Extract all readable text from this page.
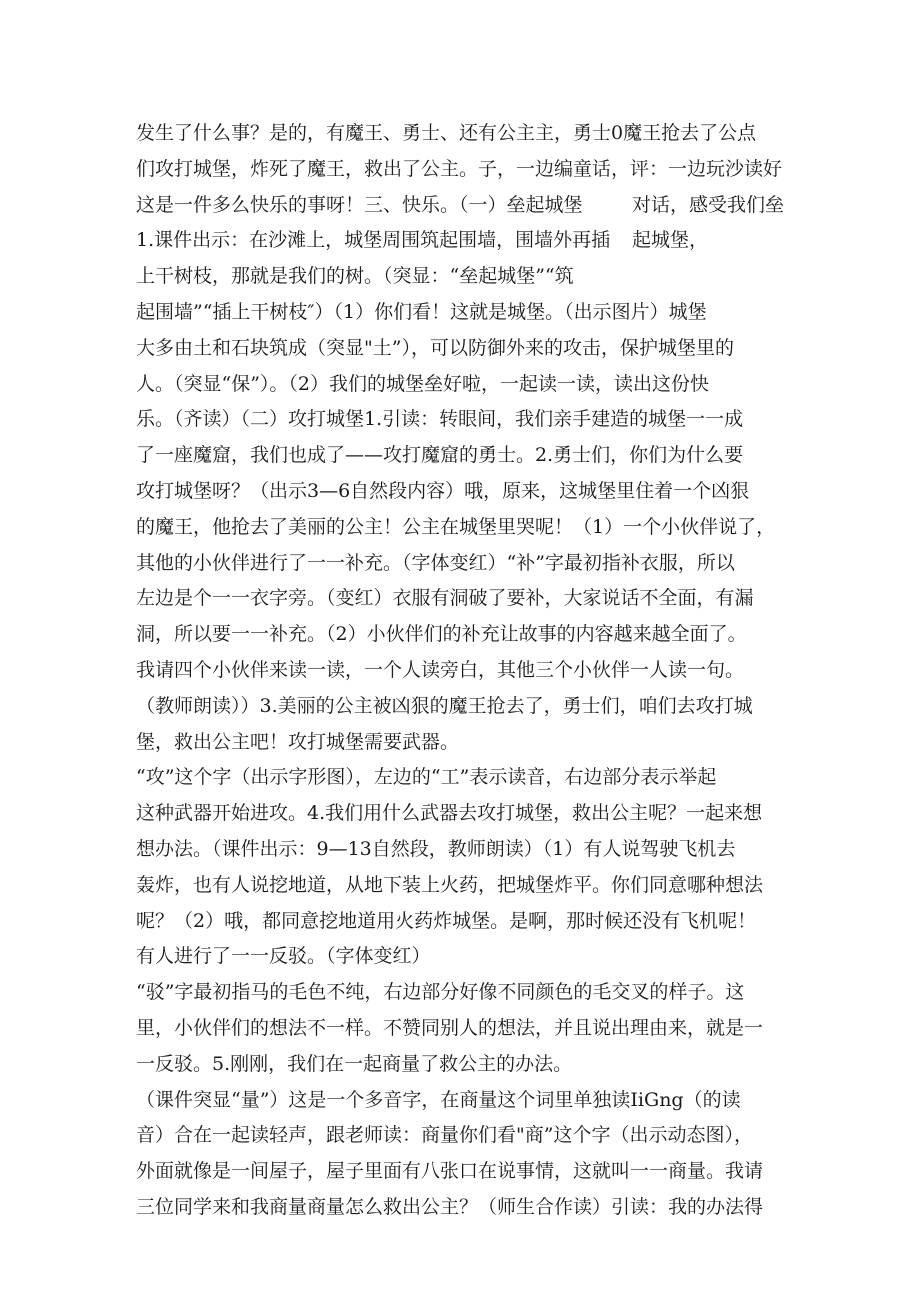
发生了什么事？是的，有魔王、勇士、还有公主主，勇士0魔王抢去了公点
们攻打城堡，炸死了魔王，救出了公主。子，一边编童话，评：一边玩沙读好
这是一件多么快乐的事呀！三、快乐。（一）垒起城堡	对话，感受我们垒
1.课件出示：在沙滩上，城堡周围筑起围墙，围墙外再插	起城堡，
上干树枝，那就是我们的树。（突显：“垒起城堡”“筑
起围墙”“插上干树枝″）（1）你们看！这就是城堡。（出示图片）城堡
大多由土和石块筑成（突显"土”），可以防御外来的攻击，保护城堡里的
人。（突显“保”）。（2）我们的城堡垒好啦，一起读一读，读出这份快
乐。（齐读）（二）攻打城堡1.引读：转眼间，我们亲手建造的城堡一一成
了一座魔窟，我们也成了——攻打魔窟的勇士。2.勇士们，你们为什么要
攻打城堡呀？（出示3—6自然段内容）哦，原来，这城堡里住着一个凶狠
的魔王，他抢去了美丽的公主！公主在城堡里哭呢！（1）一个小伙伴说了，
其他的小伙伴进行了一一补充。（字体变红）“补”字最初指补衣服，所以
左边是个一一衣字旁。（变红）衣服有洞破了要补，大家说话不全面，有漏
洞，所以要一一补充。（2）小伙伴们的补充让故事的内容越来越全面了。
我请四个小伙伴来读一读，一个人读旁白，其他三个小伙伴一人读一句。
（教师朗读））3.美丽的公主被凶狠的魔王抢去了，勇士们，咱们去攻打城
堡，救出公主吧！攻打城堡需要武器。
“攻”这个字（出示字形图），左边的“工”表示读音，右边部分表示举起
这种武器开始进攻。4.我们用什么武器去攻打城堡，救出公主呢？一起来想
想办法。（课件出示：9—13自然段，教师朗读）（1）有人说驾驶飞机去
轰炸，也有人说挖地道，从地下装上火药，把城堡炸平。你们同意哪种想法
呢？（2）哦，都同意挖地道用火药炸城堡。是啊，那时候还没有飞机呢！
有人进行了一一反驳。（字体变红）
“驳”字最初指马的毛色不纯，右边部分好像不同颜色的毛交叉的样子。这
里，小伙伴们的想法不一样。不赞同别人的想法，并且说出理由来，就是一
一反驳。5.刚刚，我们在一起商量了救公主的办法。
（课件突显“量”）这是一个多音字，在商量这个词里单独读IiGng（的读
音）合在一起读轻声，跟老师读：商量你们看"商”这个字（出示动态图），
外面就像是一间屋子，屋子里面有八张口在说事情，这就叫一一商量。我请
三位同学来和我商量商量怎么救出公主？（师生合作读）引读：我的办法得
